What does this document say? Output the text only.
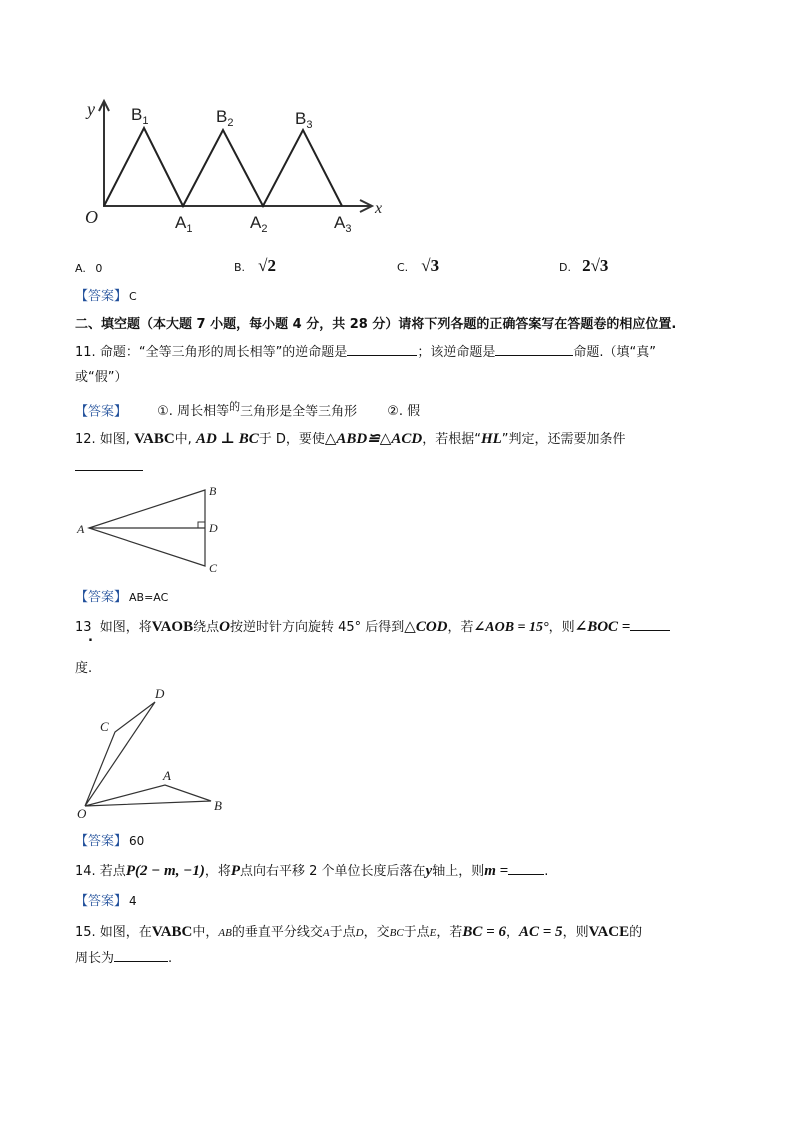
y
x
O
$B_1$	$B_2$	$B_3$
$A_1$	$A_2$	$A_3$
A. 0	B. √2	C. √3	D. 2√3
【答案】 C
二、填空题（本大题 7 小题，每小题 4 分，共 28 分）请将下列各题的正确答案写在答题卷的相应位置.
11. 命题：“全等三角形的周长相等”的逆命题是	；该逆命题是	命题.（填“真”
或“假”）
【答案】 ①. 周长相等$^的$三角形是全等三角形 ②. 假
12. 如图, VABC中, AD ⊥ BC于 D，要使△ABD≌△ACD，若根据“HL”判定，还需要加条件
A
B
D
C
【答案】 AB=AC
13 如图，将VAOB绕点O按逆时针方向旋转 45° 后得到△COD，若∠AOB = 15°，则∠BOC =
.
度.
O
A
B
C
D
【答案】 60
14. 若点P(2 − m, −1)，将P点向右平移 2 个单位长度后落在y轴上，则m =	.
【答案】 4
15. 如图，在VABC中，AB的垂直平分线交A于点D，交BC于点E，若BC = 6，AC = 5，则VACE的
周长为	.
